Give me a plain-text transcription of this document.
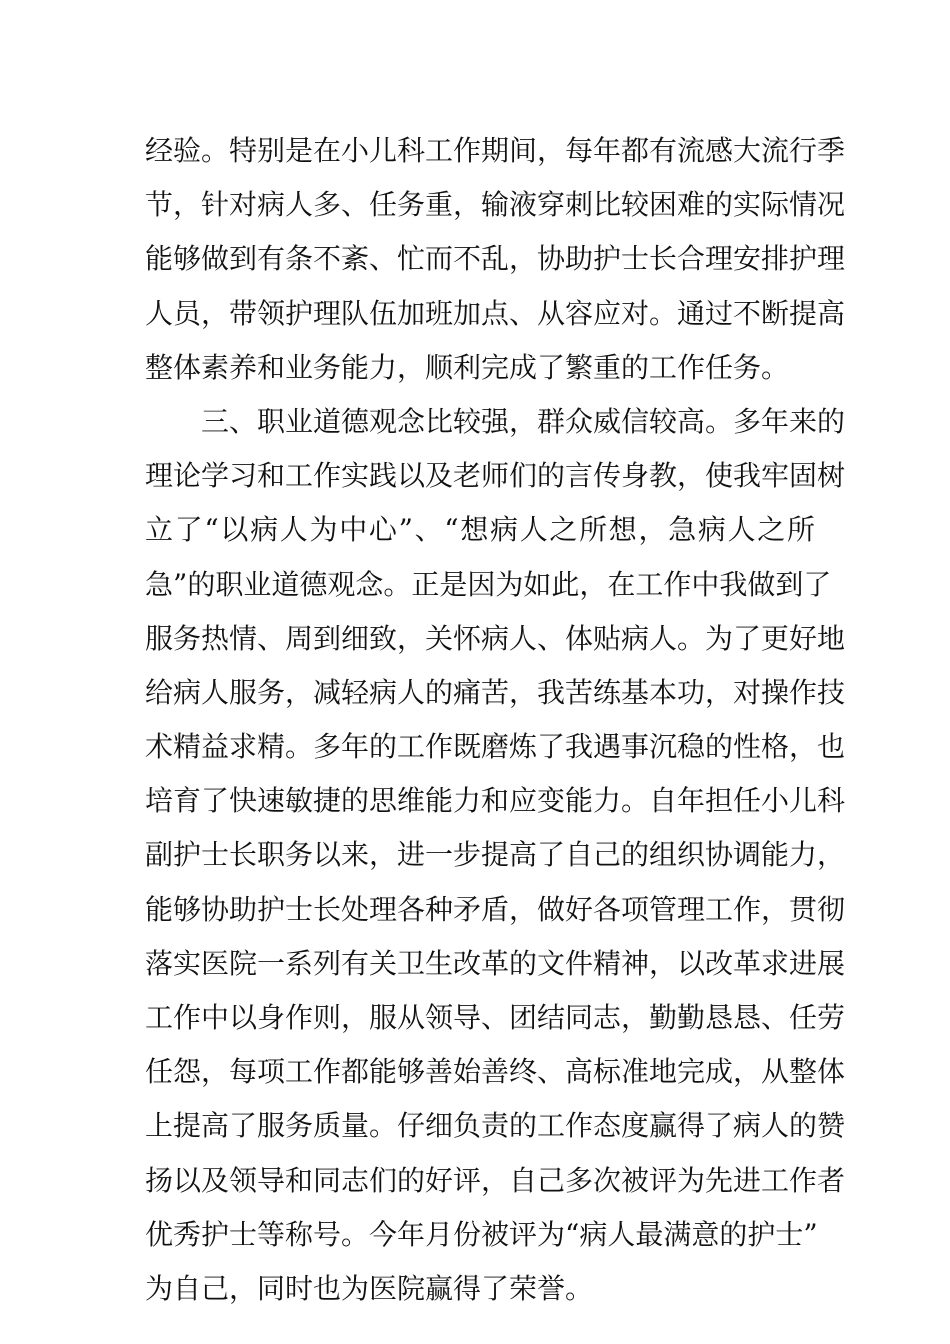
经验。特别是在小儿科工作期间，每年都有流感大流行季
节，针对病人多、任务重，输液穿刺比较困难的实际情况
能够做到有条不紊、忙而不乱，协助护士长合理安排护理
人员，带领护理队伍加班加点、从容应对。通过不断提高
整体素养和业务能力，顺利完成了繁重的工作任务。
三、职业道德观念比较强，群众威信较高。多年来的
理论学习和工作实践以及老师们的言传身教，使我牢固树
立了“以病人为中心”、“想病人之所想，急病人之所
急”的职业道德观念。正是因为如此，在工作中我做到了
服务热情、周到细致，关怀病人、体贴病人。为了更好地
给病人服务，减轻病人的痛苦，我苦练基本功，对操作技
术精益求精。多年的工作既磨炼了我遇事沉稳的性格，也
培育了快速敏捷的思维能力和应变能力。自年担任小儿科
副护士长职务以来，进一步提高了自己的组织协调能力，
能够协助护士长处理各种矛盾，做好各项管理工作，贯彻
落实医院一系列有关卫生改革的文件精神，以改革求进展
工作中以身作则，服从领导、团结同志，勤勤恳恳、任劳
任怨，每项工作都能够善始善终、高标准地完成，从整体
上提高了服务质量。仔细负责的工作态度赢得了病人的赞
扬以及领导和同志们的好评，自己多次被评为先进工作者
优秀护士等称号。今年月份被评为“病人最满意的护士”
为自己，同时也为医院赢得了荣誉。
